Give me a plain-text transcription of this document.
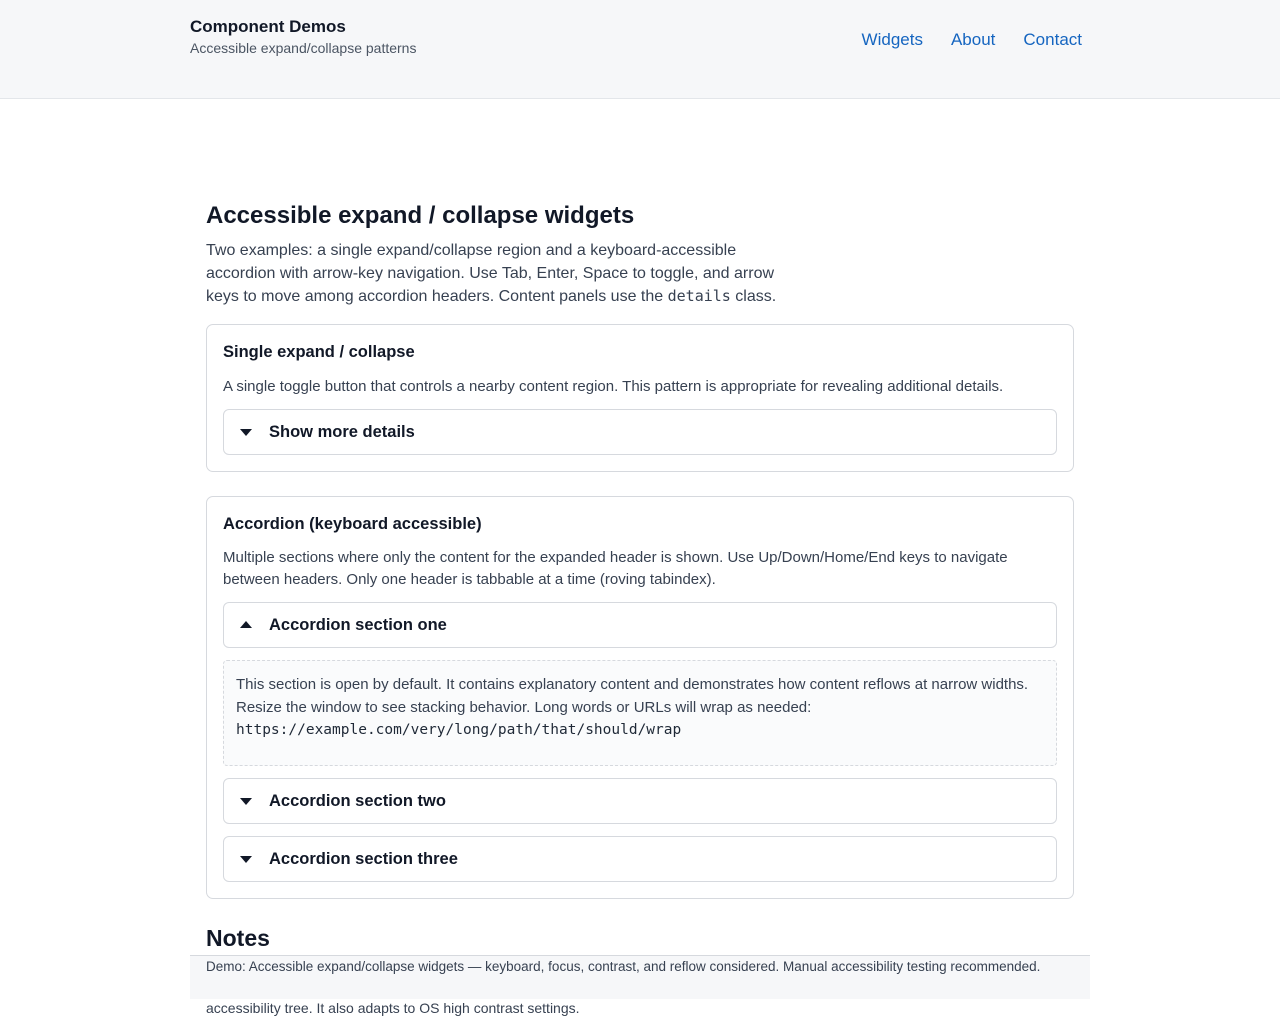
Component Demos
Accessible expand/collapse patterns	Widgets About Contact
Accessible expand / collapse widgets

Two examples: a single expand/collapse region and a keyboard-accessible accordion with arrow-key navigation. Use Tab, Enter, Space to toggle, and arrow keys to move among accordion headers. Content panels use the details class.

Single expand / collapse

A single toggle button that controls a nearby content region. This pattern is appropriate for revealing additional details.

Show more details
Accordion (keyboard accessible)

Multiple sections where only the content for the expanded header is shown. Use Up/Down/Home/End keys to navigate between headers. Only one header is tabbable at a time (roving tabindex).

Accordion section one
This section is open by default. It contains explanatory content and demonstrates how content reflows at narrow widths. Resize the window to see stacking behavior. Long words or URLs will wrap as needed:
https://example.com/very/long/path/that/should/wrap
Accordion section two
Accordion section three
Notes

accessibility tree. It also adapts to OS high contrast settings.

Demo: Accessible expand/collapse widgets — keyboard, focus, contrast, and reflow considered. Manual accessibility testing recommended.
